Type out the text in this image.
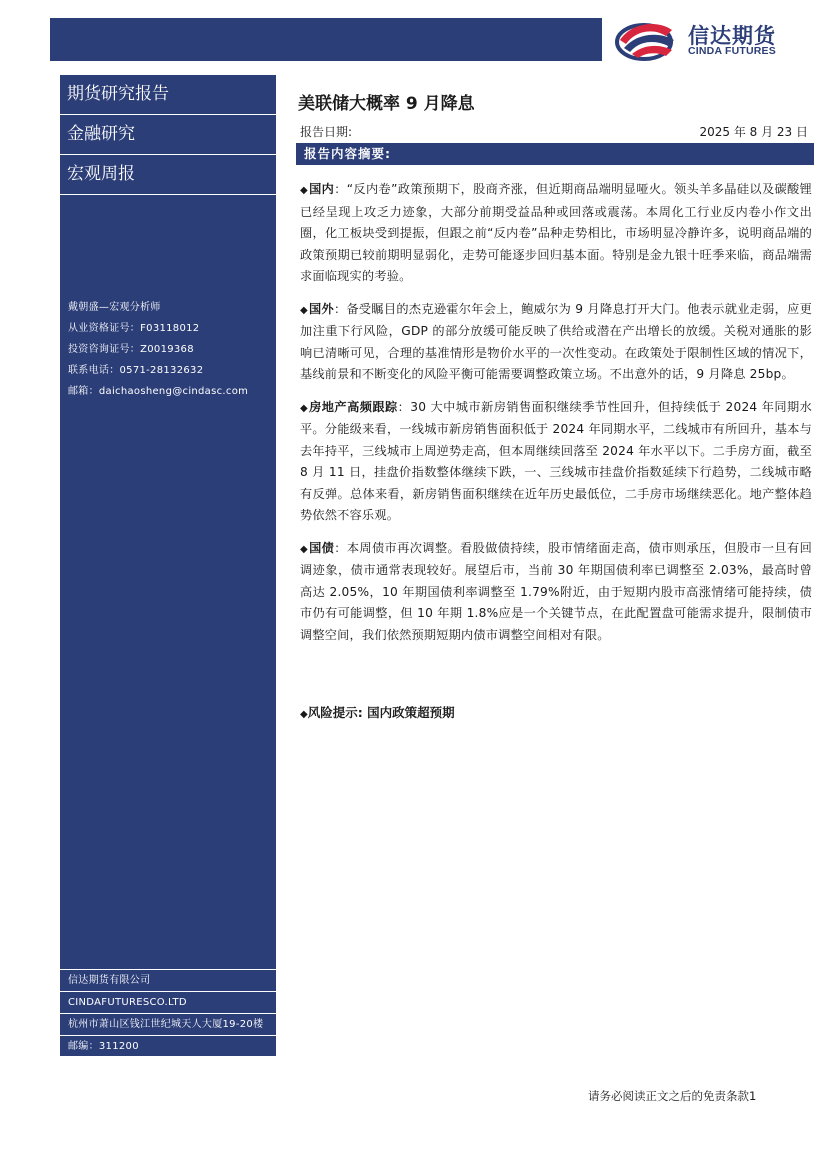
信达期货
CINDA FUTURES
期货研究报告
金融研究
宏观周报
戴朝盛—宏观分析师
从业资格证号：F03118012
投资咨询证号：Z0019368
联系电话：0571-28132632
邮箱：daichaosheng@cindasc.com
信达期货有限公司
CINDAFUTURESCO.LTD
杭州市萧山区钱江世纪城天人大厦19-20楼
邮编：311200
美联储大概率 9 月降息
报告日期:	2025 年 8 月 23 日
报告内容摘要:

◆国内：“反内卷”政策预期下，股商齐涨，但近期商品端明显哑火。领头羊多晶硅以及碳酸锂已经呈现上攻乏力迹象，大部分前期受益品种或回落或震荡。本周化工行业反内卷小作文出圈，化工板块受到提振，但跟之前“反内卷”品种走势相比，市场明显冷静许多，说明商品端的政策预期已较前期明显弱化，走势可能逐步回归基本面。特别是金九银十旺季来临，商品端需求面临现实的考验。

◆国外：备受瞩目的杰克逊霍尔年会上，鲍威尔为 9 月降息打开大门。他表示就业走弱，应更加注重下行风险，GDP 的部分放缓可能反映了供给或潜在产出增长的放缓。关税对通胀的影响已清晰可见，合理的基准情形是物价水平的一次性变动。在政策处于限制性区域的情况下，基线前景和不断变化的风险平衡可能需要调整政策立场。不出意外的话，9 月降息 25bp。

◆房地产高频跟踪：30 大中城市新房销售面积继续季节性回升，但持续低于 2024 年同期水平。分能级来看，一线城市新房销售面积低于 2024 年同期水平，二线城市有所回升，基本与去年持平，三线城市上周逆势走高，但本周继续回落至 2024 年水平以下。二手房方面，截至 8 月 11 日，挂盘价指数整体继续下跌，一、三线城市挂盘价指数延续下行趋势，二线城市略有反弹。总体来看，新房销售面积继续在近年历史最低位，二手房市场继续恶化。地产整体趋势依然不容乐观。

◆国债：本周债市再次调整。看股做债持续，股市情绪面走高，债市则承压，但股市一旦有回调迹象，债市通常表现较好。展望后市，当前 30 年期国债利率已调整至 2.03%，最高时曾高达 2.05%，10 年期国债利率调整至 1.79%附近，由于短期内股市高涨情绪可能持续，债市仍有可能调整，但 10 年期 1.8%应是一个关键节点，在此配置盘可能需求提升，限制债市调整空间，我们依然预期短期内债市调整空间相对有限。

◆风险提示: 国内政策超预期
请务必阅读正文之后的免责条款1
